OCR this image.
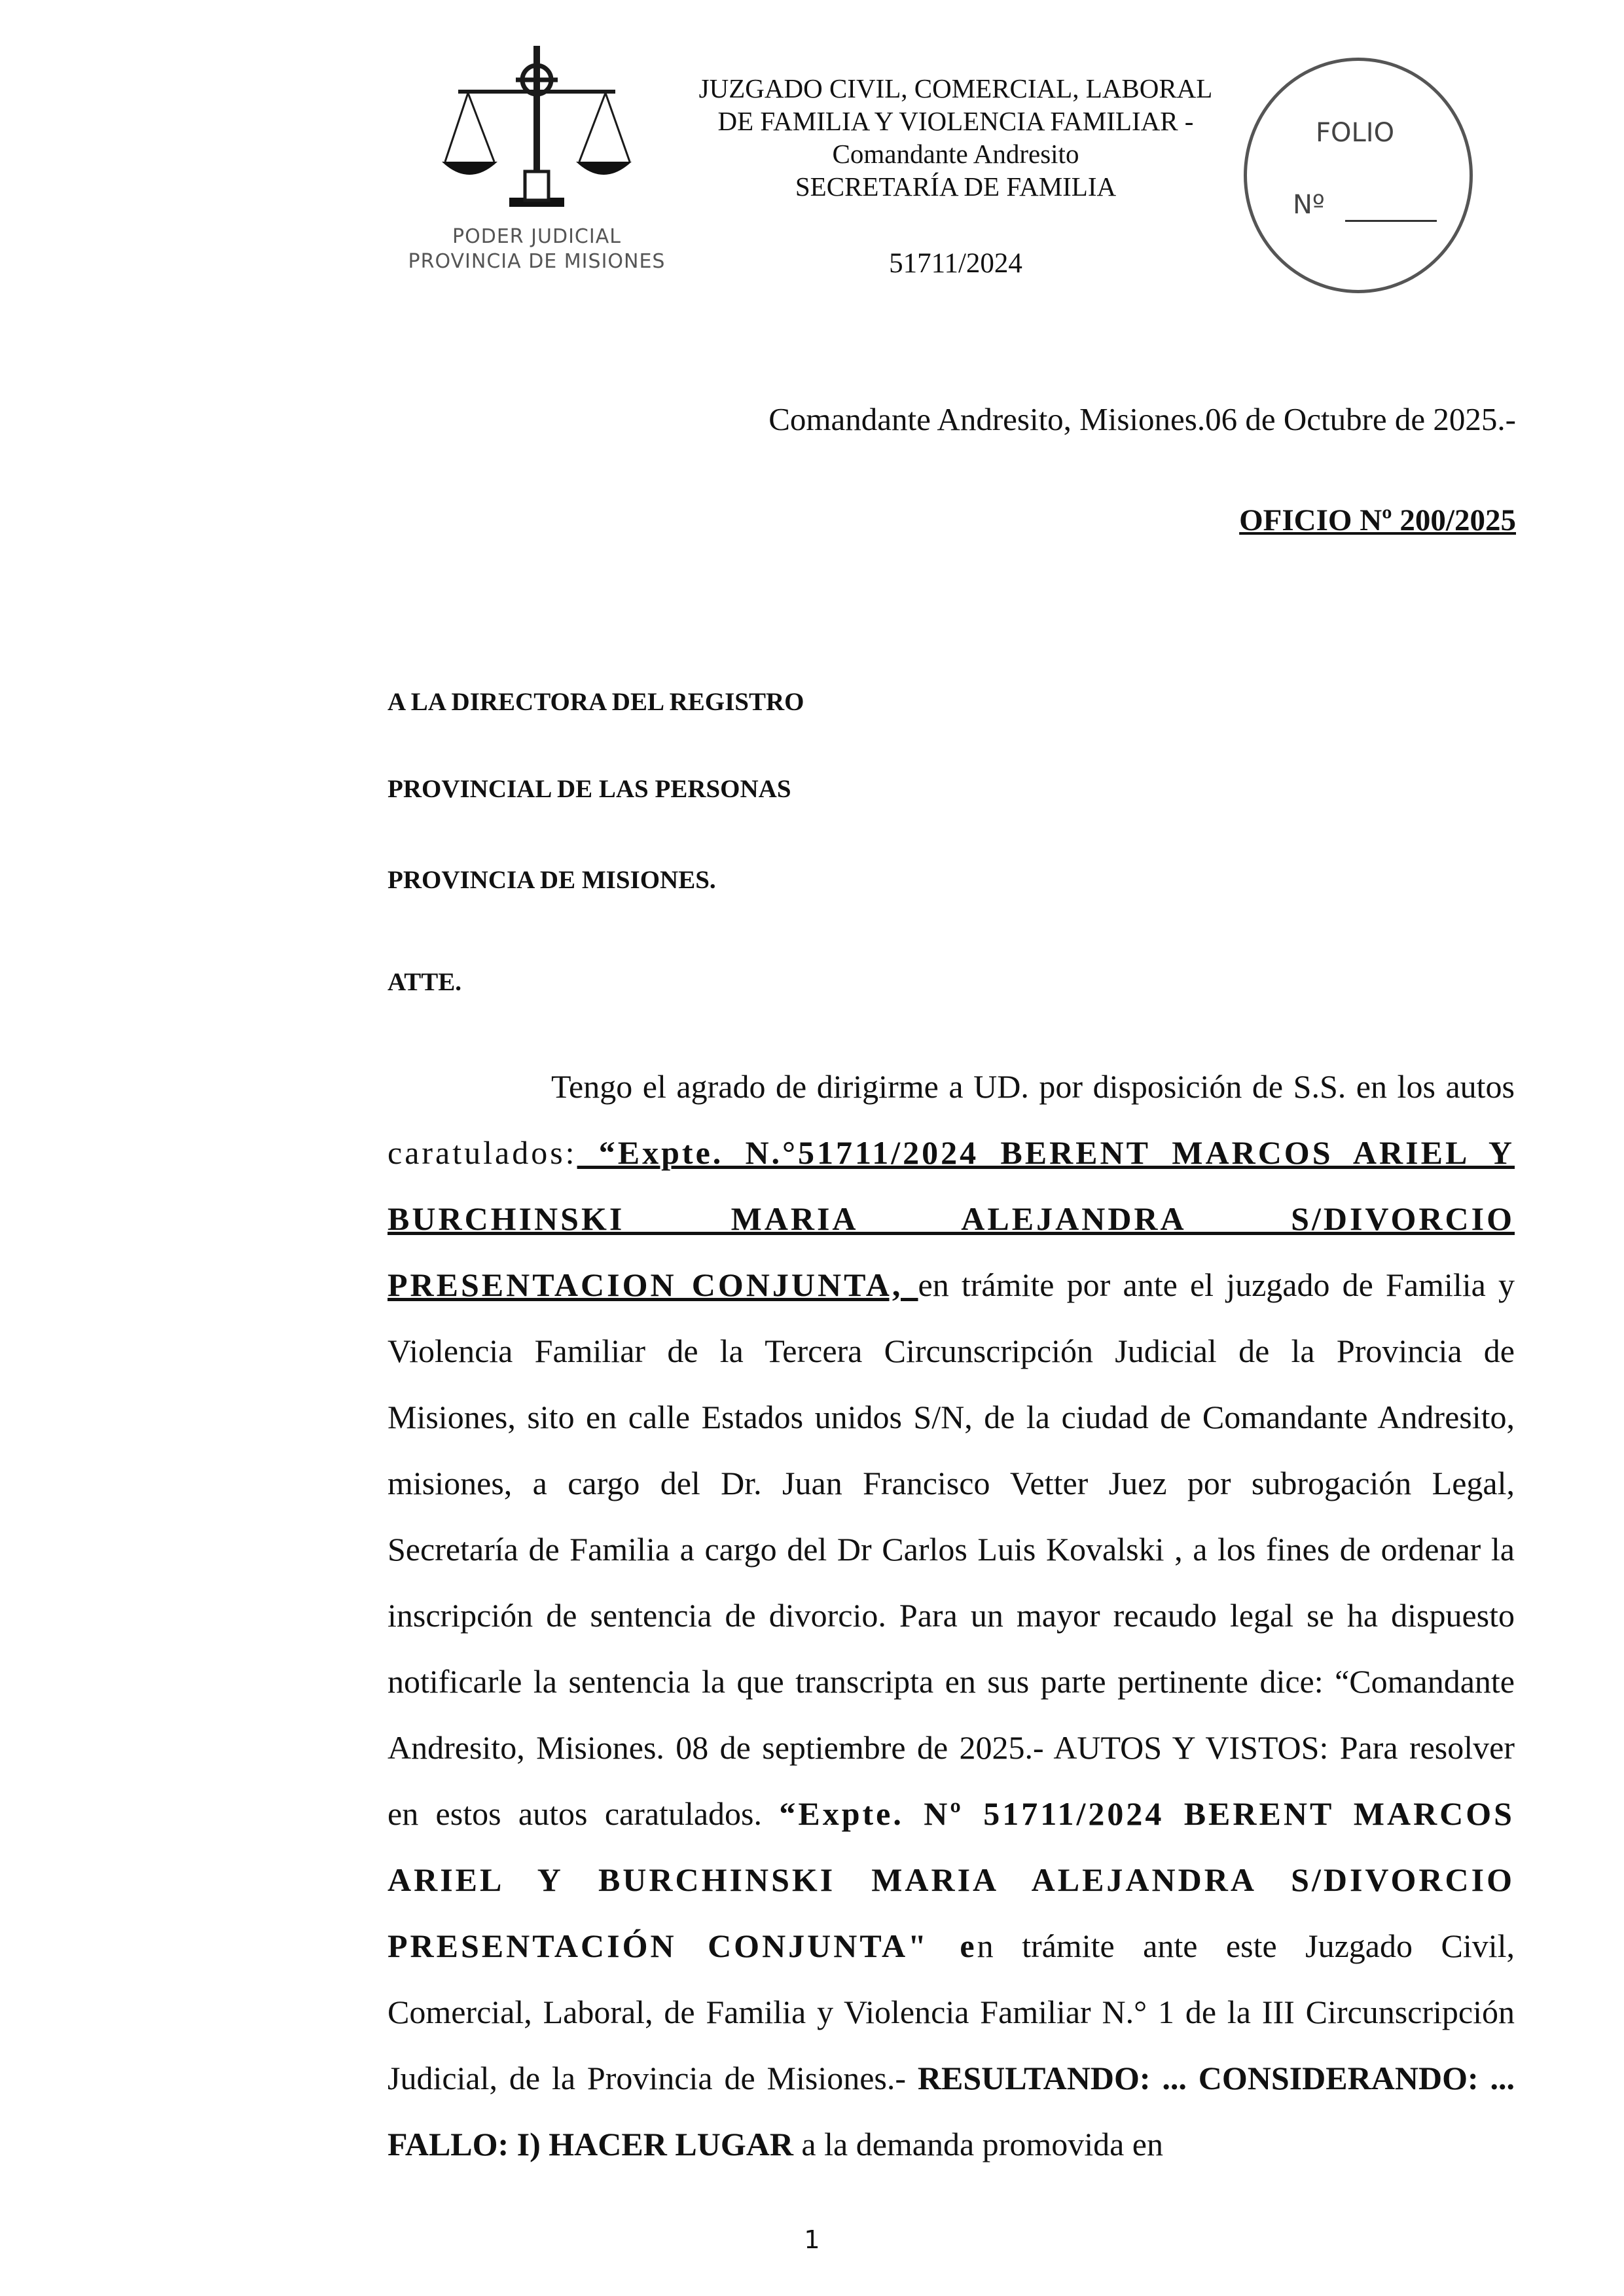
PODER JUDICIAL
PROVINCIA DE MISIONES
JUZGADO CIVIL, COMERCIAL, LABORAL
DE FAMILIA Y VIOLENCIA FAMILIAR -
Comandante Andresito
SECRETARÍA DE FAMILIA
51711/2024
FOLIO
Nº
Comandante Andresito, Misiones.06 de Octubre de 2025.-
OFICIO Nº 200/2025
A LA DIRECTORA DEL REGISTRO
PROVINCIAL DE LAS PERSONAS
PROVINCIA DE MISIONES.
ATTE.
Tengo el agrado de dirigirme a UD. por disposición de S.S. en los autos caratulados: “Expte. N.°51711/2024 BERENT MARCOS ARIEL Y BURCHINSKI MARIA ALEJANDRA S/DIVORCIO PRESENTACION CONJUNTA, en trámite por ante el juzgado de Familia y Violencia Familiar de la Tercera Circunscripción Judicial de la Provincia de Misiones, sito en calle Estados unidos S/N, de la ciudad de Comandante Andresito, misiones, a cargo del Dr. Juan Francisco Vetter Juez por subrogación Legal, Secretaría de Familia a cargo del Dr Carlos Luis Kovalski , a los fines de ordenar la inscripción de sentencia de divorcio. Para un mayor recaudo legal se ha dispuesto notificarle la sentencia la que transcripta en sus parte pertinente dice: “Comandante Andresito, Misiones. 08 de septiembre de 2025.- AUTOS Y VISTOS: Para resolver en estos autos caratulados. “Expte. Nº 51711/2024 BERENT MARCOS ARIEL Y BURCHINSKI MARIA ALEJANDRA S/DIVORCIO PRESENTACIÓN CONJUNTA" en trámite ante este Juzgado Civil, Comercial, Laboral, de Familia y Violencia Familiar N.° 1 de la III Circunscripción Judicial, de la Provincia de Misiones.- RESULTANDO: ... CONSIDERANDO: ... FALLO: I) HACER LUGAR a la demanda promovida en
1
